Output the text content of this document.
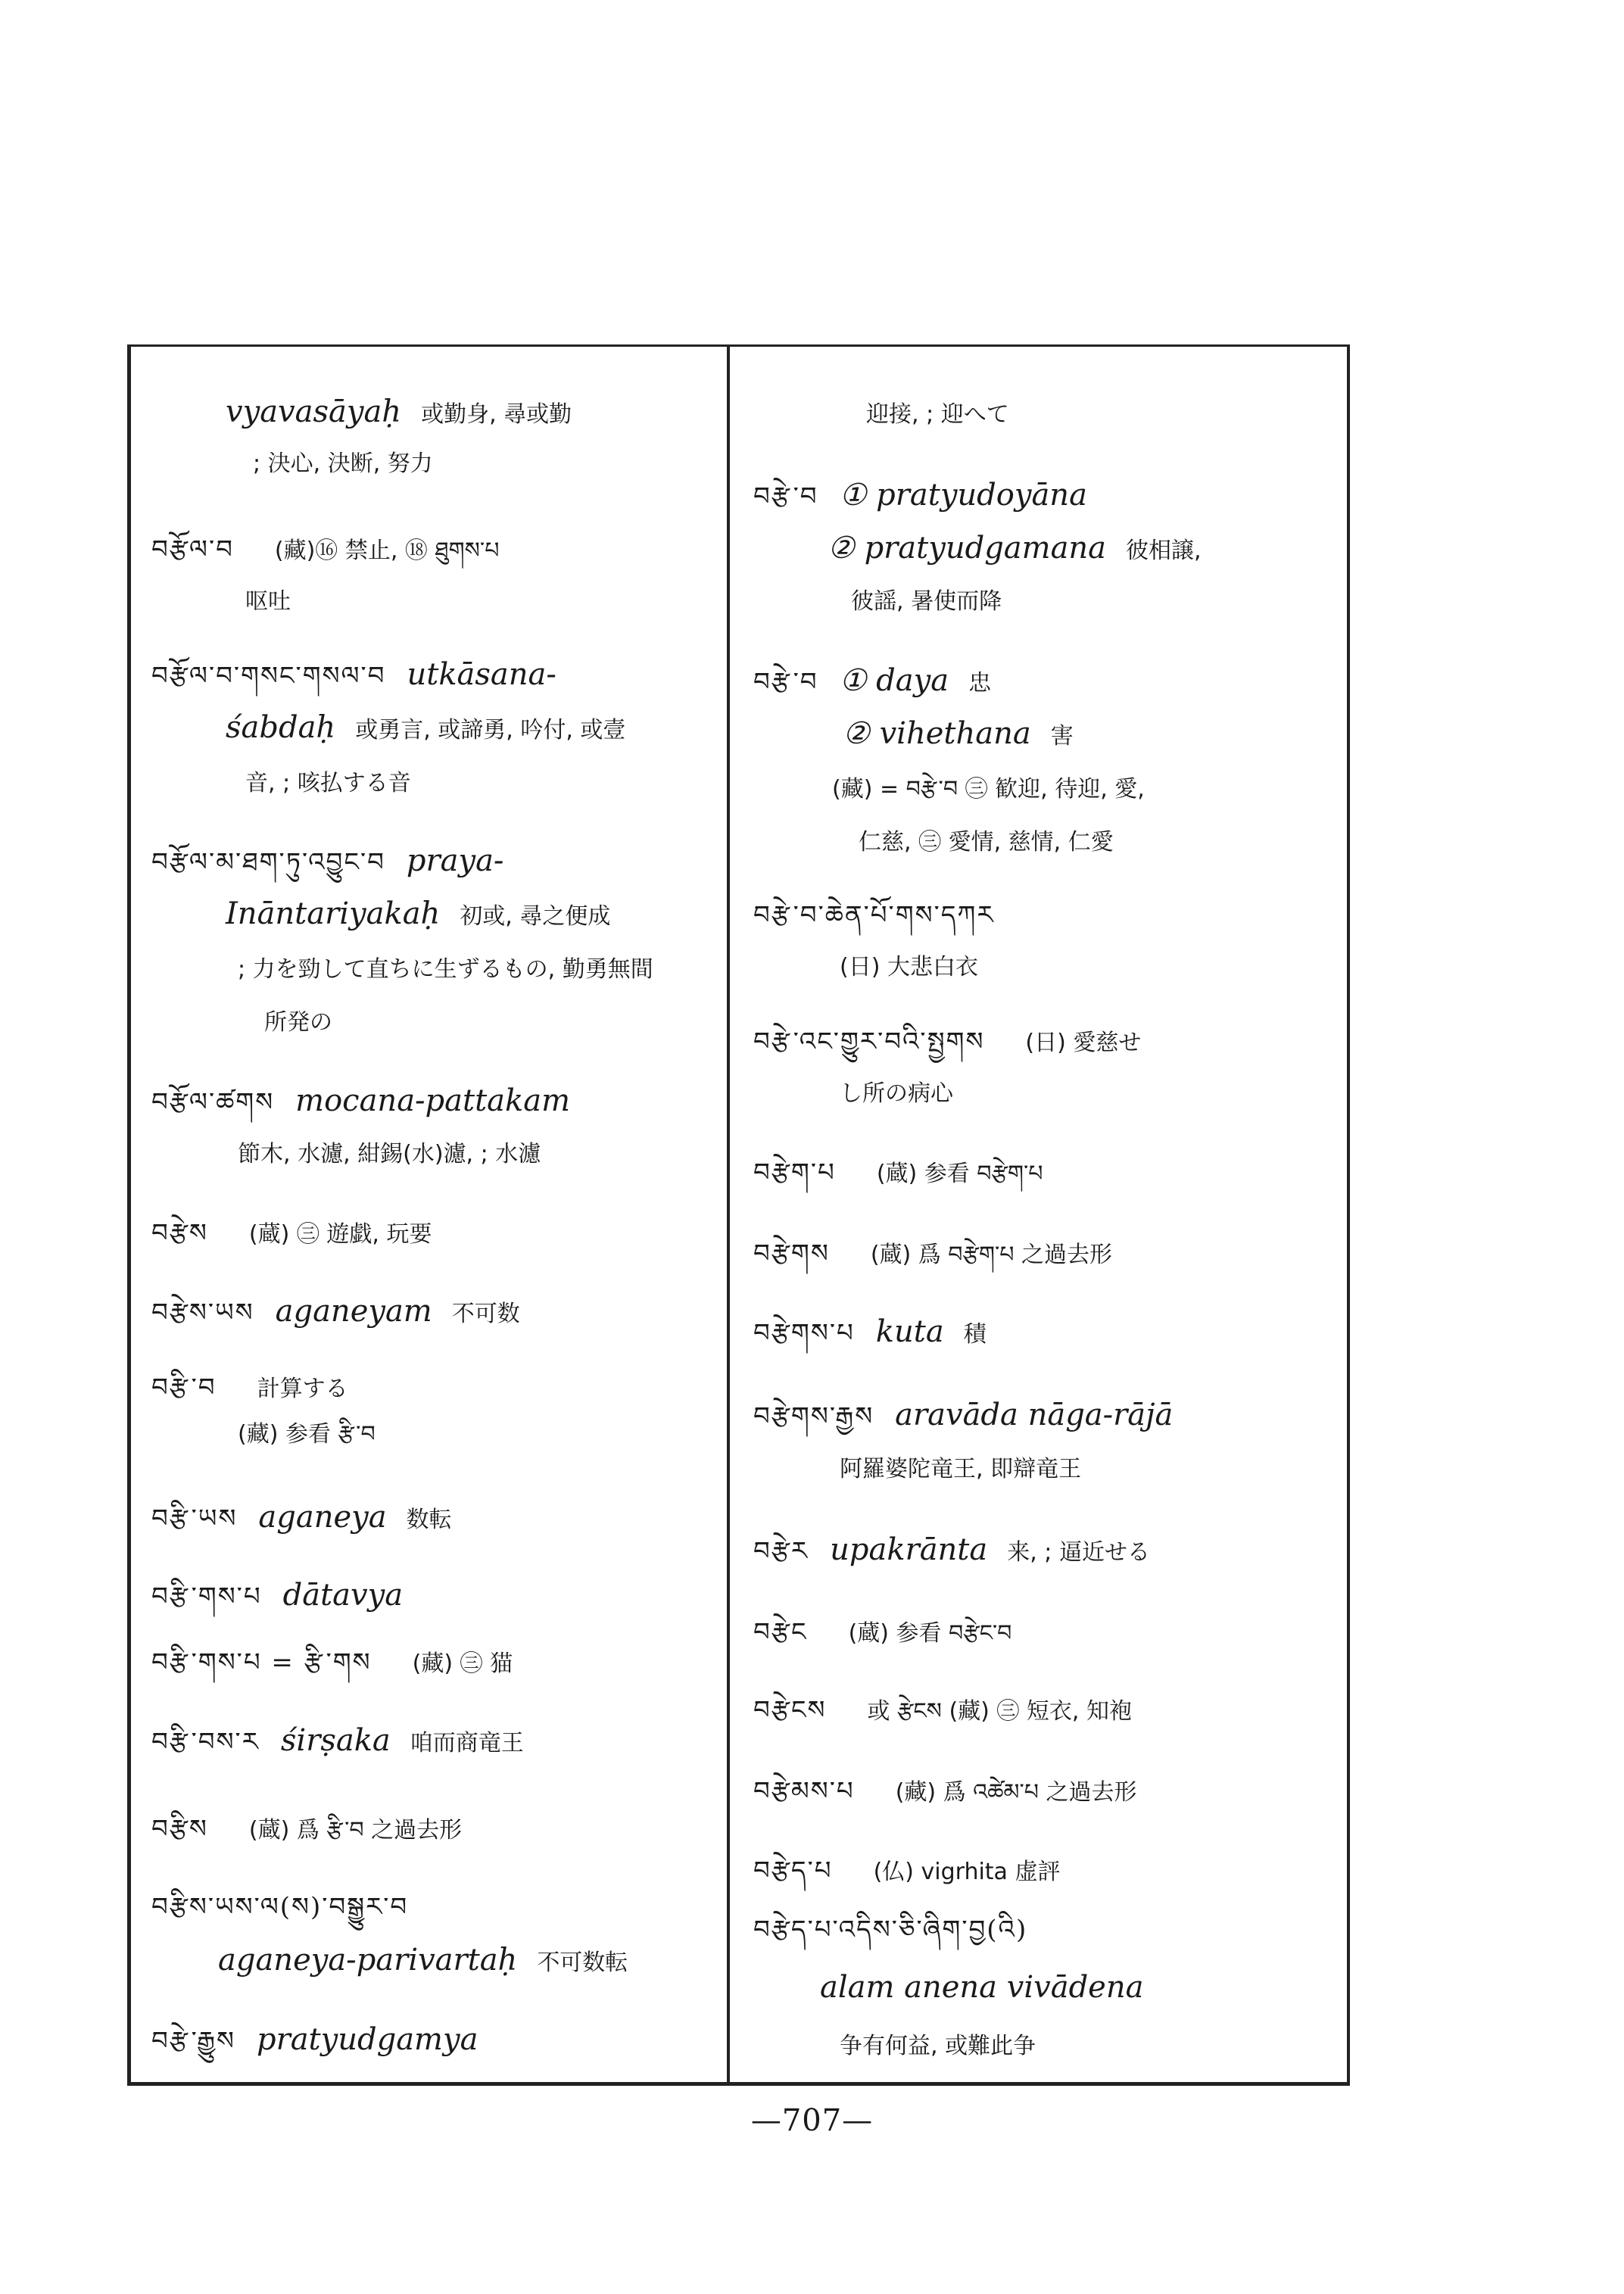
vyavasāyaḥ 或勤身, 尋或勤
; 決心, 決断, 努力
བརྩོལ་བ (藏)⑯ 禁止, ⑱ ཐུགས་པ
呕吐
བརྩོལ་བ་གསང་གསལ་བ utkāsana-
śabdaḥ 或勇言, 或諦勇, 吟付, 或壹
音, ; 咳払する音
བརྩོལ་མ་ཐག་ཏུ་འབྱུང་བ praya-
Ināntariyakaḥ 初或, 尋之便成
; 力を勁して直ちに生ずるもの, 勤勇無間
所発の
བརྩོལ་ཚགས mocana-pattakam
節木, 水濾, 紺錫(水)濾, ; 水濾
བརྩེས (蔵) ㊂ 遊戯, 玩要
བརྩེས་ཡས aganeyam 不可数
བརྩི་བ 計算する
(藏) 参看 རྩི་བ
བརྩི་ཡས aganeya 数転
བརྩི་གས་པ dātavya
བརྩི་གས་པ = རྩི་གས (藏) ㊂ 猫
བརྩི་བས་ར śirṣaka 咱而商竜王
བརྩིས (蔵) 爲 རྩི་བ 之過去形
བརྩིས་ཡས་ལ(ས)་བསྒྱུར་བ
aganeya-parivartaḥ 不可数転
བརྩེ་རྒྱུས pratyudgamya
迎接, ; 迎へて
བརྩེ་བ ① pratyudoyāna
② pratyudgamana 彼相譲,
彼謡, 暑使而降
བརྩེ་བ ① daya 忠
② vihethana 害
(藏) = བརྩེ་བ ㊂ 歓迎, 待迎, 愛,
仁慈, ㊂ 愛情, 慈情, 仁愛
བརྩེ་བ་ཆེན་པོ་གས་དཀར
(日) 大悲白衣
བརྩེ་འང་གྱུར་བའི་སྤྱགས (日) 愛慈せ
し所の病心
བརྩེག་པ (蔵) 参看 བརྩེག་པ
བརྩེགས (蔵) 爲 བརྩེག་པ 之過去形
བརྩེགས་པ kuta 積
བརྩེགས་རྒྱས aravāda nāga-rājā
阿羅婆陀竜王, 即辯竜王
བརྩེར upakrānta 来, ; 逼近せる
བརྩེང (蔵) 参看 བརྩེང་བ
བརྩེངས 或 རྩེངས (藏) ㊂ 短衣, 知袍
བརྩེམས་པ (藏) 爲 འཚེམ་པ 之過去形
བརྩེད་པ (仏) vigrhita 虚評
བརྩེད་པ་འདིས་ཅི་ཞིག་བྱ(འི)
alam anena vivādena
争有何益, 或難此争
—707—
